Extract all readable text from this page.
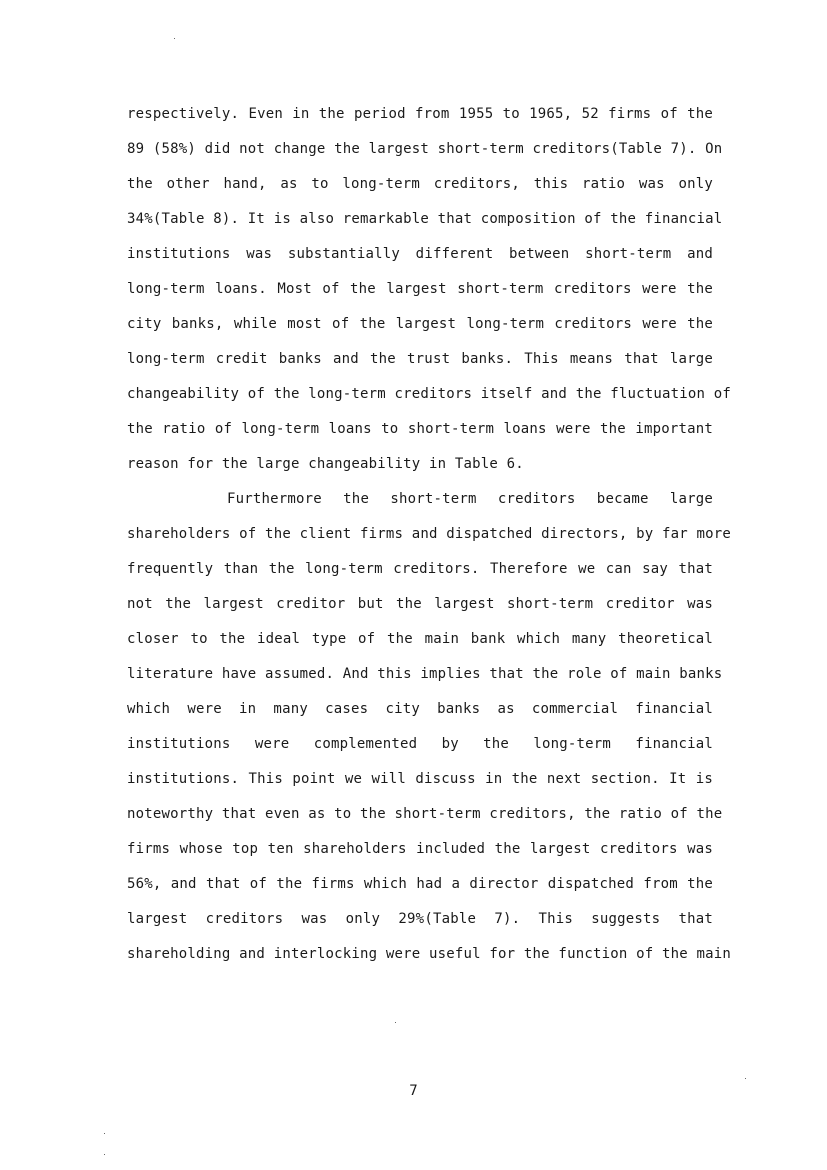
respectively. Even in the period from 1955 to 1965, 52 firms of the
89 (58%) did not change the largest short-term creditors(Table 7). On
the other hand, as to long-term creditors, this ratio was only
34%(Table 8). It is also remarkable that composition of the financial
institutions was substantially different between short-term and
long-term loans. Most of the largest short-term creditors were the
city banks, while most of the largest long-term creditors were the
long-term credit banks and the trust banks. This means that large
changeability of the long-term creditors itself and the fluctuation of
the ratio of long-term loans to short-term loans were the important
reason for the large changeability in Table 6.
Furthermore the short-term creditors became large
shareholders of the client firms and dispatched directors, by far more
frequently than the long-term creditors. Therefore we can say that
not the largest creditor but the largest short-term creditor was
closer to the ideal type of the main bank which many theoretical
literature have assumed. And this implies that the role of main banks
which were in many cases city banks as commercial financial
institutions were complemented by the long-term financial
institutions. This point we will discuss in the next section. It is
noteworthy that even as to the short-term creditors, the ratio of the
firms whose top ten shareholders included the largest creditors was
56%, and that of the firms which had a director dispatched from the
largest creditors was only 29%(Table 7). This suggests that
shareholding and interlocking were useful for the function of the main
7
